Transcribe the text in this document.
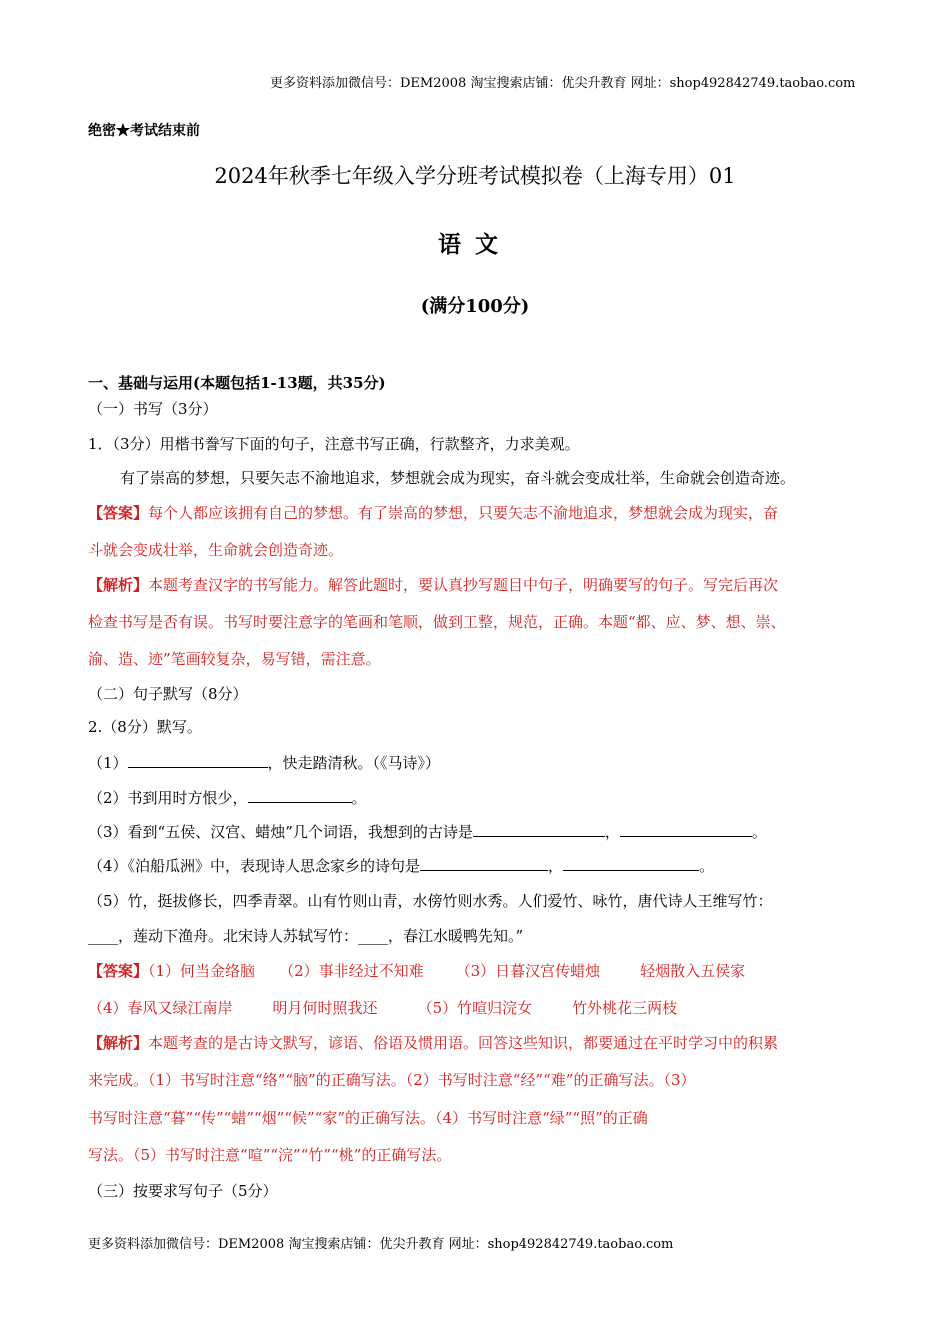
更多资料添加微信号：DEM2008 淘宝搜索店铺：优尖升教育 网址：shop492842749.taobao.com
绝密★考试结束前
2024年秋季七年级入学分班考试模拟卷（上海专用）01
语文
(满分100分)
一、基础与运用(本题包括1-13题，共35分)
（一）书写（3分）
1．（3分）用楷书誊写下面的句子，注意书写正确，行款整齐，力求美观。
有了崇高的梦想，只要矢志不渝地追求，梦想就会成为现实，奋斗就会变成壮举，生命就会创造奇迹。
【答案】每个人都应该拥有自己的梦想。有了崇高的梦想，只要矢志不渝地追求，梦想就会成为现实，奋
斗就会变成壮举，生命就会创造奇迹。
【解析】本题考查汉字的书写能力。解答此题时，要认真抄写题目中句子，明确要写的句子。写完后再次
检查书写是否有误。书写时要注意字的笔画和笔顺，做到工整，规范，正确。本题“都、应、梦、想、崇、
渝、造、迹”笔画较复杂，易写错，需注意。
（二）句子默写（8分）
2.（8分）默写。
（1）	，快走踏清秋。（《马诗》）
（2）书到用时方恨少，	。
（3）看到“五侯、汉宫、蜡烛”几个词语，我想到的古诗是	，	。
（4）《泊船瓜洲》中，表现诗人思念家乡的诗句是	，	。
（5）竹，挺拔修长，四季青翠。山有竹则山青，水傍竹则水秀。人们爱竹、咏竹，唐代诗人王维写竹：
____，莲动下渔舟。北宋诗人苏轼写竹：____，春江水暖鸭先知。”
【答案】（1）何当金络脑 （2）事非经过不知难 （3）日暮汉宫传蜡烛	轻烟散入五侯家
（4）春风又绿江南岸	明月何时照我还	（5）竹喧归浣女	竹外桃花三两枝
【解析】本题考查的是古诗文默写，谚语、俗语及惯用语。回答这些知识，都要通过在平时学习中的积累
来完成。（1）书写时注意“络”“脑”的正确写法。（2）书写时注意“经”“难”的正确写法。（3）
书写时注意“暮”“传”“蜡”“烟”“候”“家”的正确写法。（4）书写时注意“绿”“照”的正确
写法。（5）书写时注意“喧”“浣”“竹”“桃”的正确写法。
（三）按要求写句子（5分）
更多资料添加微信号：DEM2008 淘宝搜索店铺：优尖升教育 网址：shop492842749.taobao.com
